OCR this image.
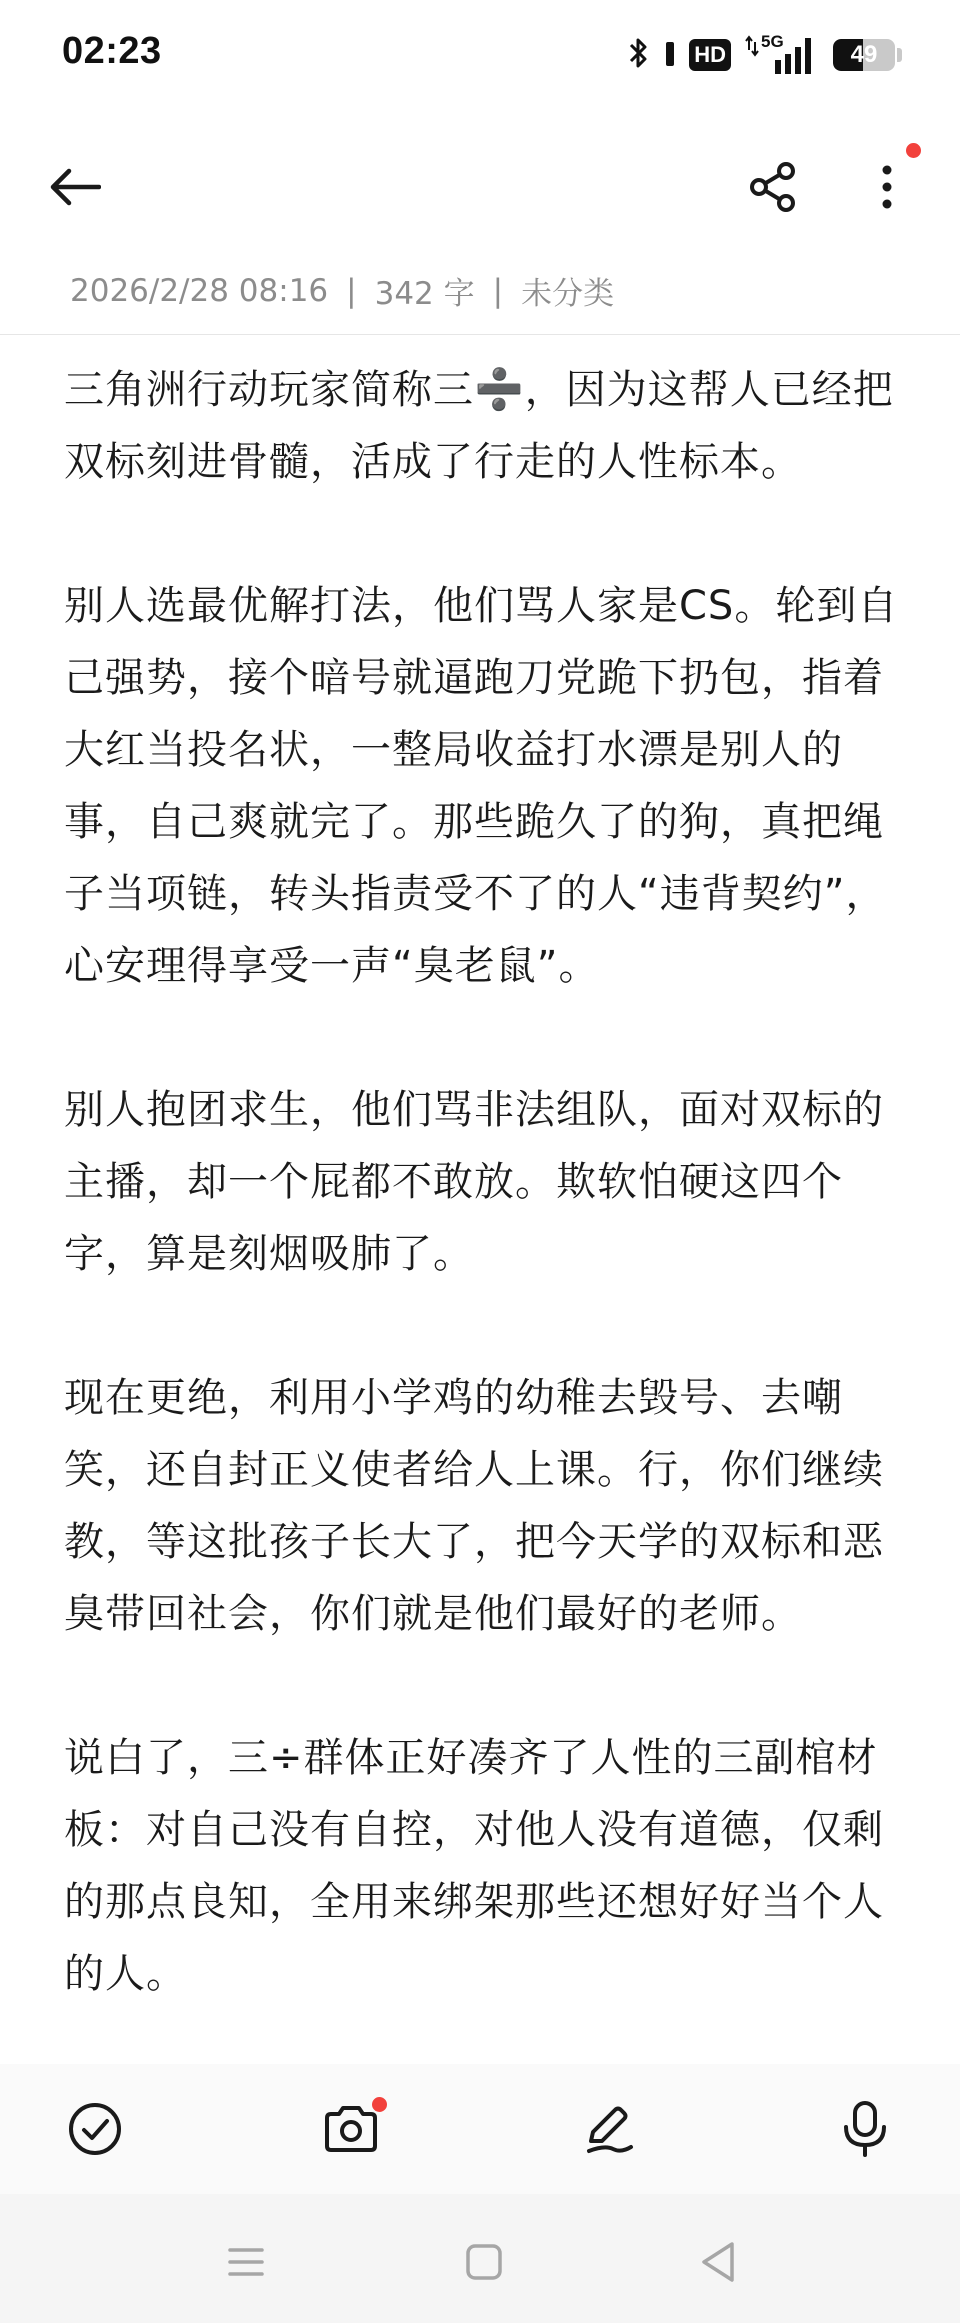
02:23	HD
5G	49
2026/2/28 08:16 | 342 字 | 未分类

三角洲行动玩家简称三➗，因为这帮人已经把双标刻进骨髓，活成了行走的人性标本。

别人选最优解打法，他们骂人家是CS。轮到自己强势，接个暗号就逼跑刀党跪下扔包，指着大红当投名状，一整局收益打水漂是别人的事，自己爽就完了。那些跪久了的狗，真把绳子当项链，转头指责受不了的人“违背契约”，心安理得享受一声“臭老鼠”。

别人抱团求生，他们骂非法组队，面对双标的主播，却一个屁都不敢放。欺软怕硬这四个字，算是刻烟吸肺了。

现在更绝，利用小学鸡的幼稚去毁号、去嘲笑，还自封正义使者给人上课。行，你们继续教，等这批孩子长大了，把今天学的双标和恶臭带回社会，你们就是他们最好的老师。

说白了，三÷群体正好凑齐了人性的三副棺材板：对自己没有自控，对他人没有道德，仅剩的那点良知，全用来绑架那些还想好好当个人的人。
